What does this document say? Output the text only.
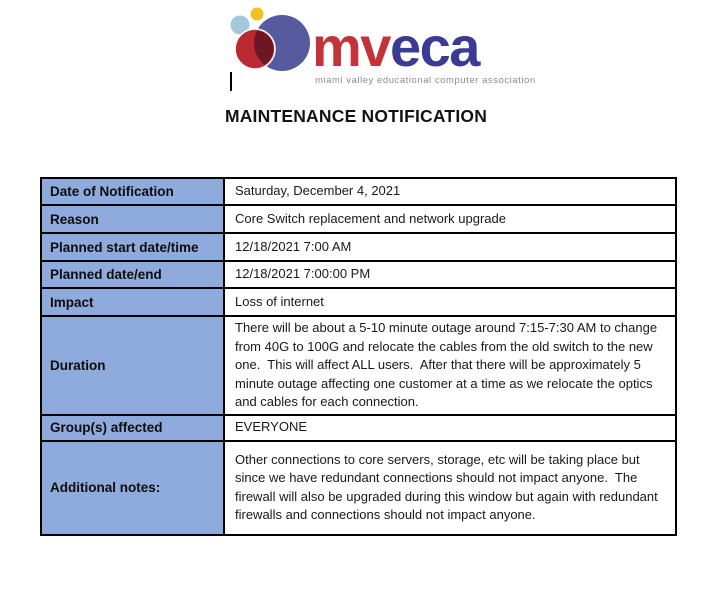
mveca
miami valley educational computer association
MAINTENANCE NOTIFICATION
Date of Notification	Saturday, December 4, 2021
Reason	Core Switch replacement and network upgrade
Planned start date/time	12/18/2021 7:00 AM
Planned date/end	12/18/2021 7:00:00 PM
Impact	Loss of internet
Duration	There will be about a 5-10 minute outage around 7:15-7:30 AM to change from 40G to 100G and relocate the cables from the old switch to the new one.  This will affect ALL users.  After that there will be approximately 5 minute outage affecting one customer at a time as we relocate the optics and cables for each connection.
Group(s) affected	EVERYONE
Additional notes:	Other connections to core servers, storage, etc will be taking place but since we have redundant connections should not impact anyone.  The firewall will also be upgraded during this window but again with redundant firewalls and connections should not impact anyone.
